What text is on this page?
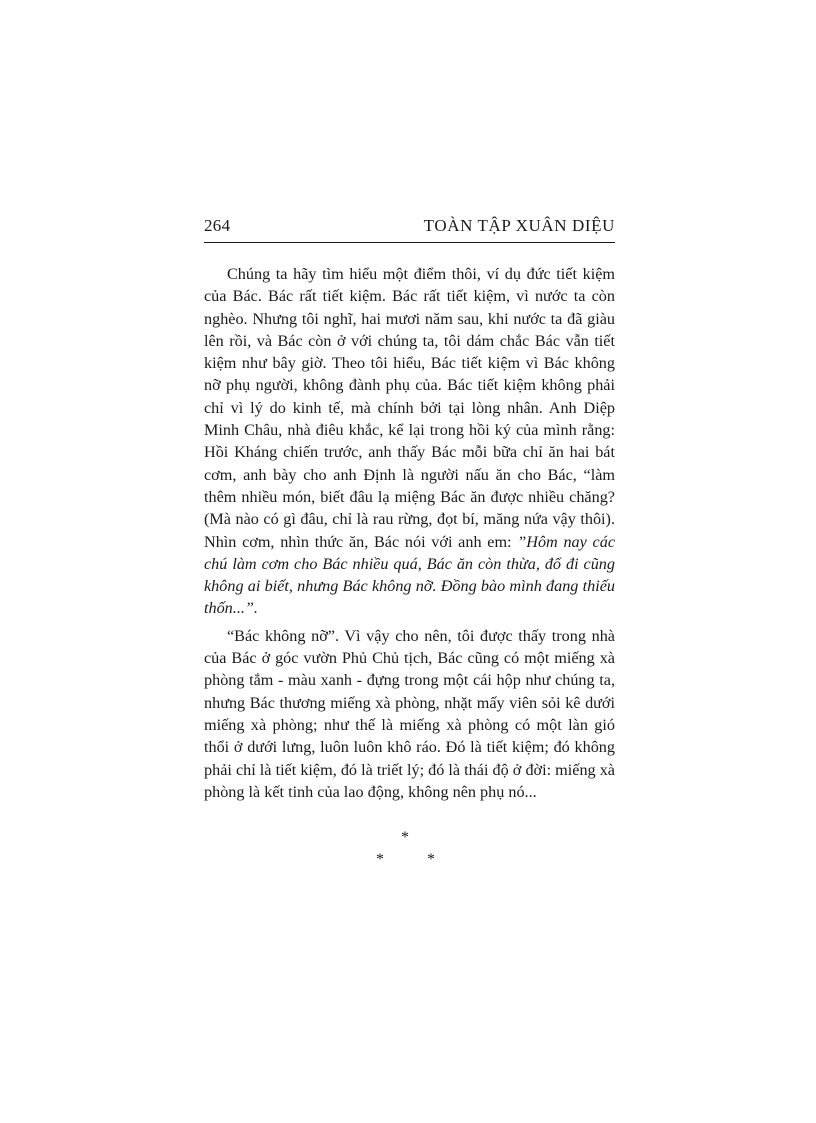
264	TOÀN TẬP XUÂN DIỆU

Chúng ta hãy tìm hiểu một điểm thôi, ví dụ đức tiết kiệm của Bác. Bác rất tiết kiệm. Bác rất tiết kiệm, vì nước ta còn nghèo. Nhưng tôi nghĩ, hai mươi năm sau, khi nước ta đã giàu lên rồi, và Bác còn ở với chúng ta, tôi dám chắc Bác vẫn tiết kiệm như bây giờ. Theo tôi hiểu, Bác tiết kiệm vì Bác không nỡ phụ người, không đành phụ của. Bác tiết kiệm không phải chỉ vì lý do kinh tế, mà chính bởi tại lòng nhân. Anh Diệp Minh Châu, nhà điêu khắc, kể lại trong hồi ký của mình rằng: Hồi Kháng chiến trước, anh thấy Bác mỗi bữa chỉ ăn hai bát cơm, anh bày cho anh Định là người nấu ăn cho Bác, “làm thêm nhiều món, biết đâu lạ miệng Bác ăn được nhiều chăng? (Mà nào có gì đâu, chỉ là rau rừng, đọt bí, măng nứa vậy thôi). Nhìn cơm, nhìn thức ăn, Bác nói với anh em: ”Hôm nay các chú làm cơm cho Bác nhiều quá, Bác ăn còn thừa, đổ đi cũng không ai biết, nhưng Bác không nỡ. Đồng bào mình đang thiếu thốn...”.

“Bác không nỡ”. Vì vậy cho nên, tôi được thấy trong nhà của Bác ở góc vườn Phủ Chủ tịch, Bác cũng có một miếng xà phòng tắm - màu xanh - đựng trong một cái hộp như chúng ta, nhưng Bác thương miếng xà phòng, nhặt mấy viên sỏi kê dưới miếng xà phòng; như thế là miếng xà phòng có một làn gió thổi ở dưới lưng, luôn luôn khô ráo. Đó là tiết kiệm; đó không phải chỉ là tiết kiệm, đó là triết lý; đó là thái độ ở đời: miếng xà phòng là kết tinh của lao động, không nên phụ nó...

*
*	*
